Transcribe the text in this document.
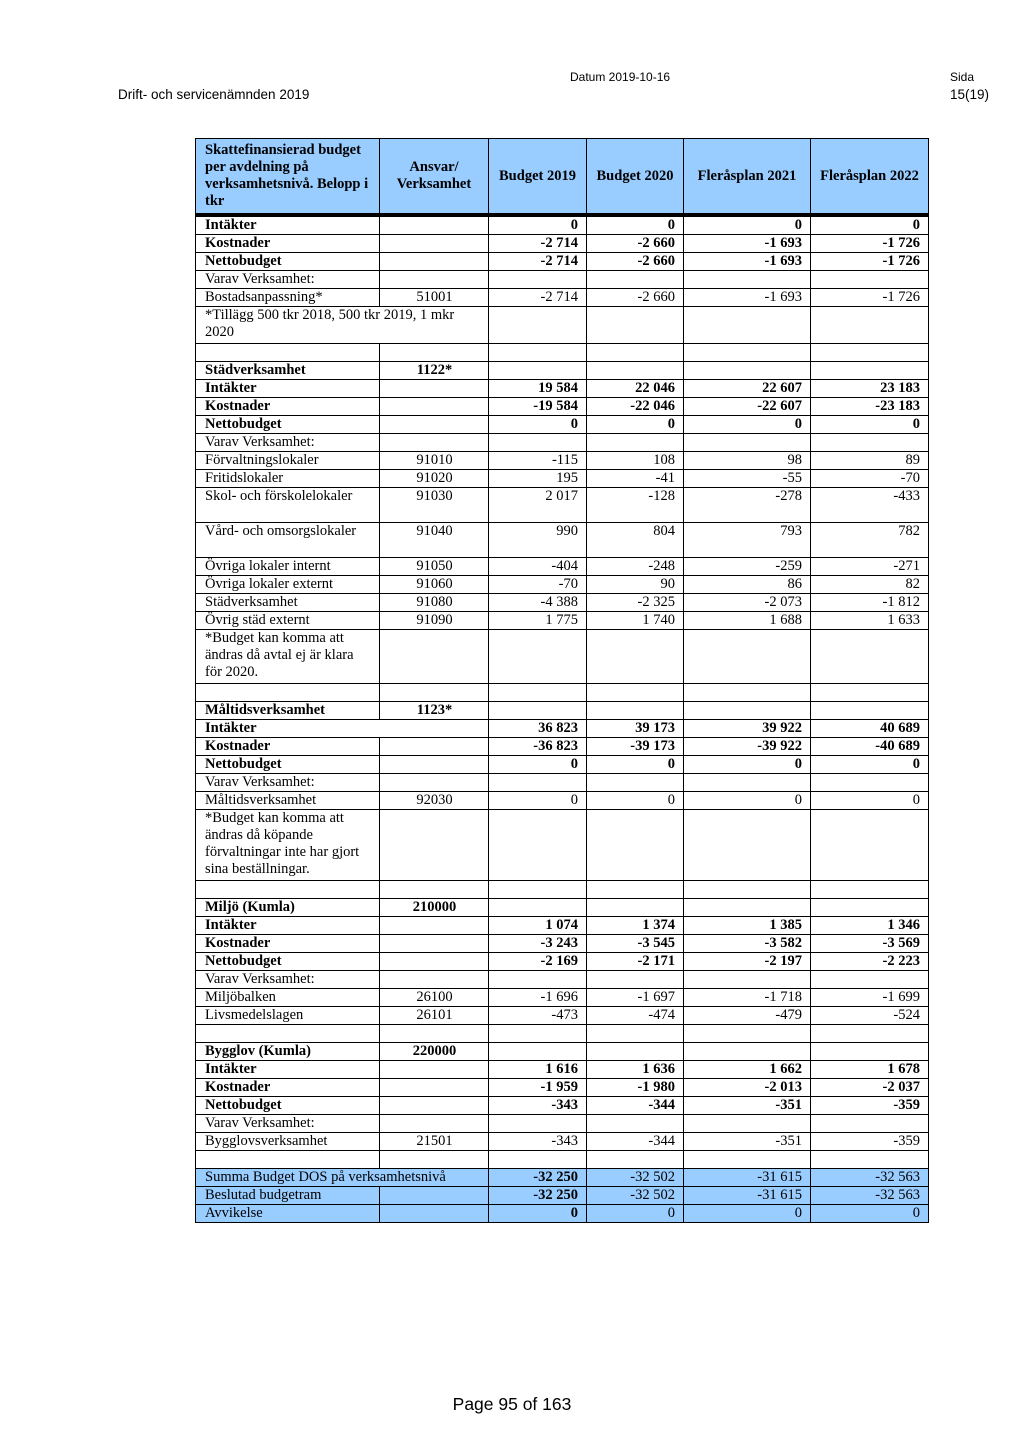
Datum 2019-10-16	Sida
Drift- och servicenämnden 2019	15(19)
Skattefinansierad budget per avdelning på verksamhetsnivå. Belopp i tkr	Ansvar/ Verksamhet	Budget 2019	Budget 2020	Fleråsplan 2021	Fleråsplan 2022
Intäkter		0	0	0	0
Kostnader		-2 714	-2 660	-1 693	-1 726
Nettobudget		-2 714	-2 660	-1 693	-1 726
Varav Verksamhet:					
Bostadsanpassning*	51001	-2 714	-2 660	-1 693	-1 726
*Tillägg 500 tkr 2018, 500 tkr 2019, 1 mkr 2020					

Städverksamhet	1122*				
Intäkter		19 584	22 046	22 607	23 183
Kostnader		-19 584	-22 046	-22 607	-23 183
Nettobudget		0	0	0	0
Varav Verksamhet:					
Förvaltningslokaler	91010	-115	108	98	89
Fritidslokaler	91020	195	-41	-55	-70
Skol- och förskolelokaler	91030	2 017	-128	-278	-433
Vård- och omsorgslokaler	91040	990	804	793	782
Övriga lokaler internt	91050	-404	-248	-259	-271
Övriga lokaler externt	91060	-70	90	86	82
Städverksamhet	91080	-4 388	-2 325	-2 073	-1 812
Övrig städ externt	91090	1 775	1 740	1 688	1 633
*Budget kan komma att ändras då avtal ej är klara för 2020.					

Måltidsverksamhet	1123*				
Intäkter		36 823	39 173	39 922	40 689
Kostnader		-36 823	-39 173	-39 922	-40 689
Nettobudget		0	0	0	0
Varav Verksamhet:					
Måltidsverksamhet	92030	0	0	0	0
*Budget kan komma att ändras då köpande förvaltningar inte har gjort sina beställningar.					

Miljö (Kumla)	210000				
Intäkter		1 074	1 374	1 385	1 346
Kostnader		-3 243	-3 545	-3 582	-3 569
Nettobudget		-2 169	-2 171	-2 197	-2 223
Varav Verksamhet:					
Miljöbalken	26100	-1 696	-1 697	-1 718	-1 699
Livsmedelslagen	26101	-473	-474	-479	-524

Bygglov (Kumla)	220000				
Intäkter		1 616	1 636	1 662	1 678
Kostnader		-1 959	-1 980	-2 013	-2 037
Nettobudget		-343	-344	-351	-359
Varav Verksamhet:					
Bygglovsverksamhet	21501	-343	-344	-351	-359

Summa Budget DOS på verksamhetsnivå		-32 250	-32 502	-31 615	-32 563
Beslutad budgetram		-32 250	-32 502	-31 615	-32 563
Avvikelse		0	0	0	0
Page 95 of 163
